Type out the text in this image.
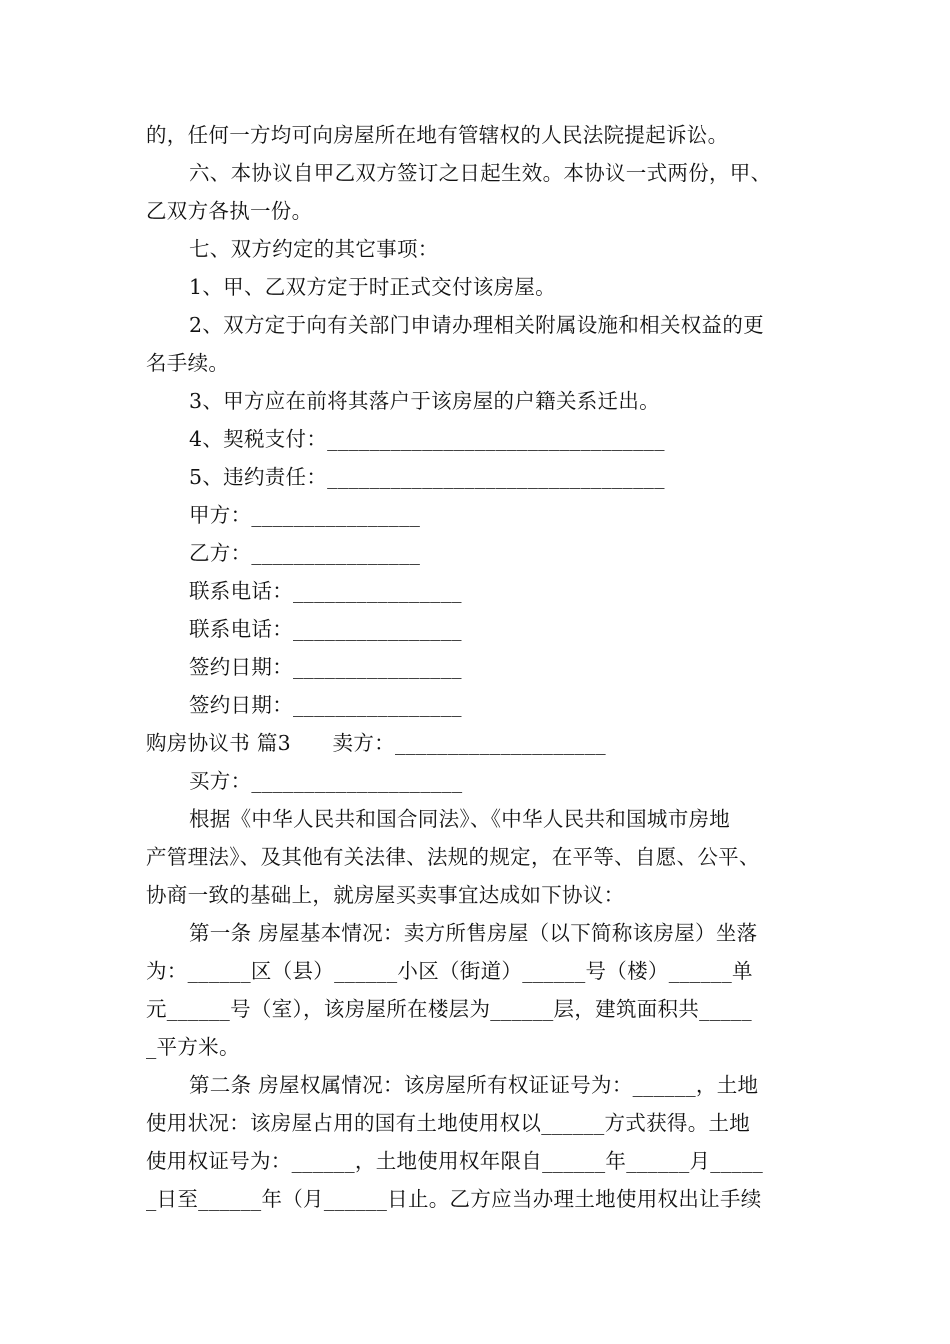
的，任何一方均可向房屋所在地有管辖权的人民法院提起诉讼。
六、本协议自甲乙双方签订之日起生效。本协议一式两份，甲、
乙双方各执一份。
七、双方约定的其它事项：
1、甲、乙双方定于时正式交付该房屋。
2、双方定于向有关部门申请办理相关附属设施和相关权益的更
名手续。
3、甲方应在前将其落户于该房屋的户籍关系迁出。
4、契税支付：________________________________
5、违约责任：________________________________
甲方：________________
乙方：________________
联系电话：________________
联系电话：________________
签约日期：________________
签约日期：________________
购房协议书 篇3　　卖方：____________________
买方：____________________
根据《中华人民共和国合同法》、《中华人民共和国城市房地
产管理法》、及其他有关法律、法规的规定，在平等、自愿、公平、
协商一致的基础上，就房屋买卖事宜达成如下协议：
第一条 房屋基本情况：卖方所售房屋（以下简称该房屋）坐落
为：______区（县）______小区（街道）______号（楼）______单
元______号（室），该房屋所在楼层为______层，建筑面积共_____
_平方米。
第二条 房屋权属情况：该房屋所有权证证号为：______，土地
使用状况：该房屋占用的国有土地使用权以______方式获得。土地
使用权证号为：______，土地使用权年限自______年______月_____
_日至______年（月______日止。乙方应当办理土地使用权出让手续
